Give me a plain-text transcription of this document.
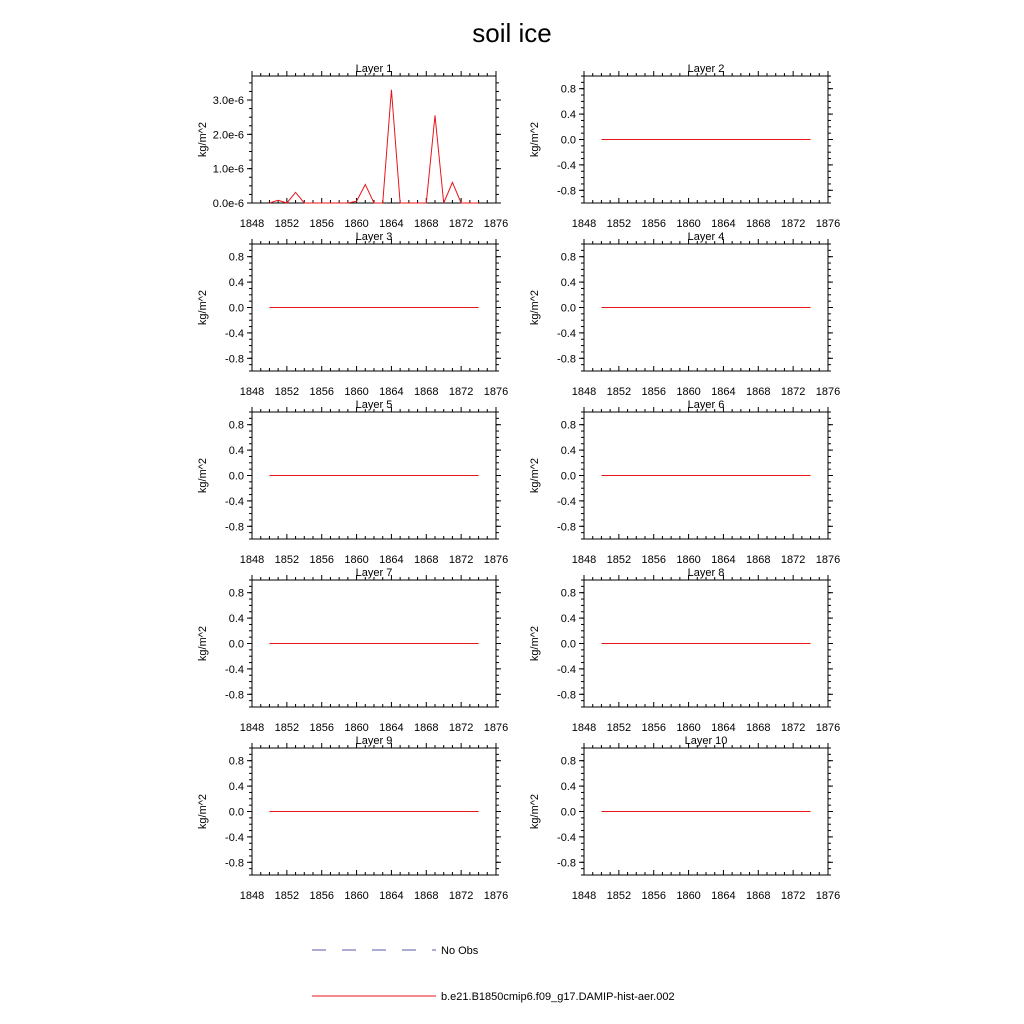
soil ice
Layer 1
1848 1852 1856 1860 1864 1868 1872 1876
0.0e-6
1.0e-6
2.0e-6
3.0e-6
kg/m^2
Layer 2
1848 1852 1856 1860 1864 1868 1872 1876
-0.8
-0.4
0.0
0.4
0.8
kg/m^2
Layer 3
1848 1852 1856 1860 1864 1868 1872 1876
-0.8
-0.4
0.0
0.4
0.8
kg/m^2
Layer 4
1848 1852 1856 1860 1864 1868 1872 1876
-0.8
-0.4
0.0
0.4
0.8
kg/m^2
Layer 5
1848 1852 1856 1860 1864 1868 1872 1876
-0.8
-0.4
0.0
0.4
0.8
kg/m^2
Layer 6
1848 1852 1856 1860 1864 1868 1872 1876
-0.8
-0.4
0.0
0.4
0.8
kg/m^2
Layer 7
1848 1852 1856 1860 1864 1868 1872 1876
-0.8
-0.4
0.0
0.4
0.8
kg/m^2
Layer 8
1848 1852 1856 1860 1864 1868 1872 1876
-0.8
-0.4
0.0
0.4
0.8
kg/m^2
Layer 9
1848 1852 1856 1860 1864 1868 1872 1876
-0.8
-0.4
0.0
0.4
0.8
kg/m^2
Layer 10
1848 1852 1856 1860 1864 1868 1872 1876
-0.8
-0.4
0.0
0.4
0.8
kg/m^2
No Obs
b.e21.B1850cmip6.f09_g17.DAMIP-hist-aer.002
